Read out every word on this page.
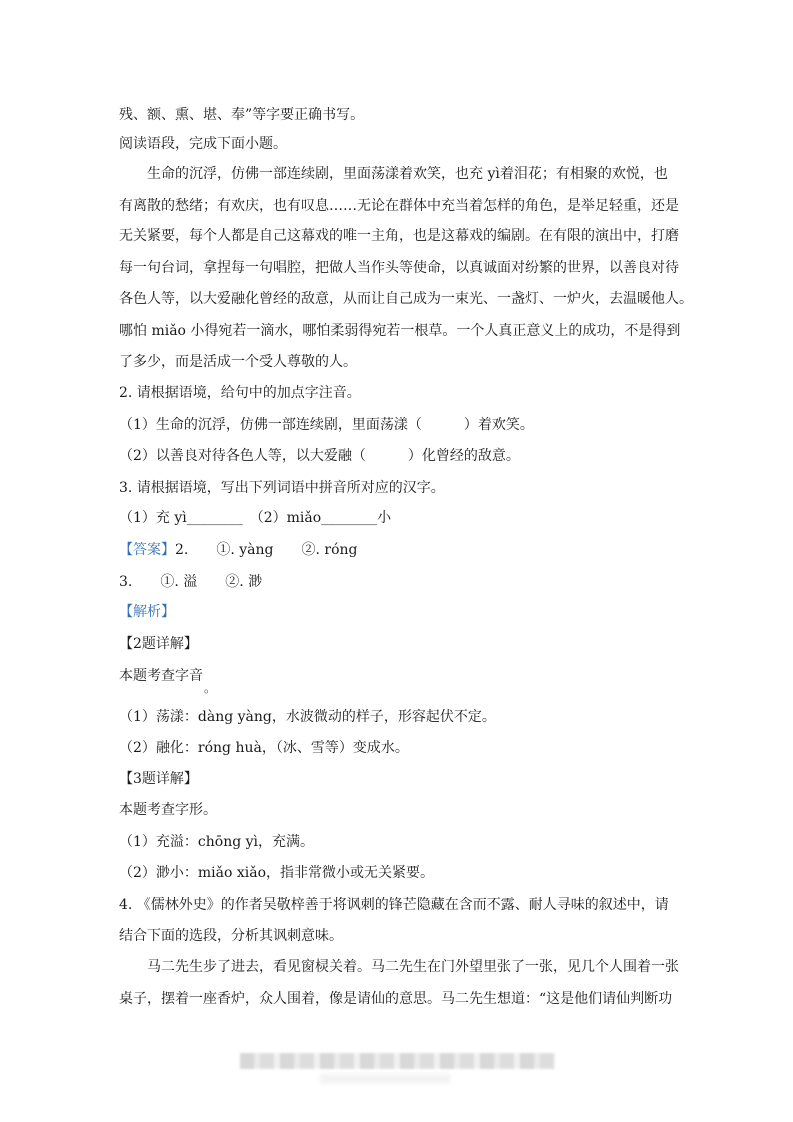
残、额、熏、堪、奉”等字要正确书写。
阅读语段，完成下面小题。
生命的沉浮，仿佛一部连续剧，里面荡漾着欢笑，也充 yì着泪花；有相聚的欢悦，也
有离散的愁绪；有欢庆，也有叹息……无论在群体中充当着怎样的角色，是举足轻重，还是
无关紧要，每个人都是自己这幕戏的唯一主角，也是这幕戏的编剧。在有限的演出中，打磨
每一句台词，拿捏每一句唱腔，把做人当作头等使命，以真诚面对纷繁的世界，以善良对待
各色人等，以大爱融化曾经的敌意，从而让自己成为一束光、一盏灯、一炉火，去温暖他人。
哪怕 miǎo 小得宛若一滴水，哪怕柔弱得宛若一根草。一个人真正意义上的成功，不是得到
了多少，而是活成一个受人尊敬的人。
2. 请根据语境，给句中的加点字注音。
（1）生命的沉浮，仿佛一部连续剧，里面荡漾（　　　）着欢笑。
（2）以善良对待各色人等，以大爱融（　　　）化曾经的敌意。
3. 请根据语境，写出下列词语中拼音所对应的汉字。
（1）充 yì________　（2）miǎo________小
【答案】2.　　①. yàng　　②. róng
3.　　①. 溢　　②. 渺
【解析】
【2题详解】
本题考查字音
。
（1）荡漾：dàng yàng，水波微动的样子，形容起伏不定。
（2）融化：róng huà，（冰、雪等）变成水。
【3题详解】
本题考查字形。
（1）充溢：chōng yì，充满。
（2）渺小：miǎo xiǎo，指非常微小或无关紧要。
4. 《儒林外史》的作者吴敬梓善于将讽刺的锋芒隐藏在含而不露、耐人寻味的叙述中，请
结合下面的选段，分析其讽刺意味。
马二先生步了进去，看见窗棂关着。马二先生在门外望里张了一张，见几个人围着一张
桌子，摆着一座香炉，众人围着，像是请仙的意思。马二先生想道：“这是他们请仙判断功
